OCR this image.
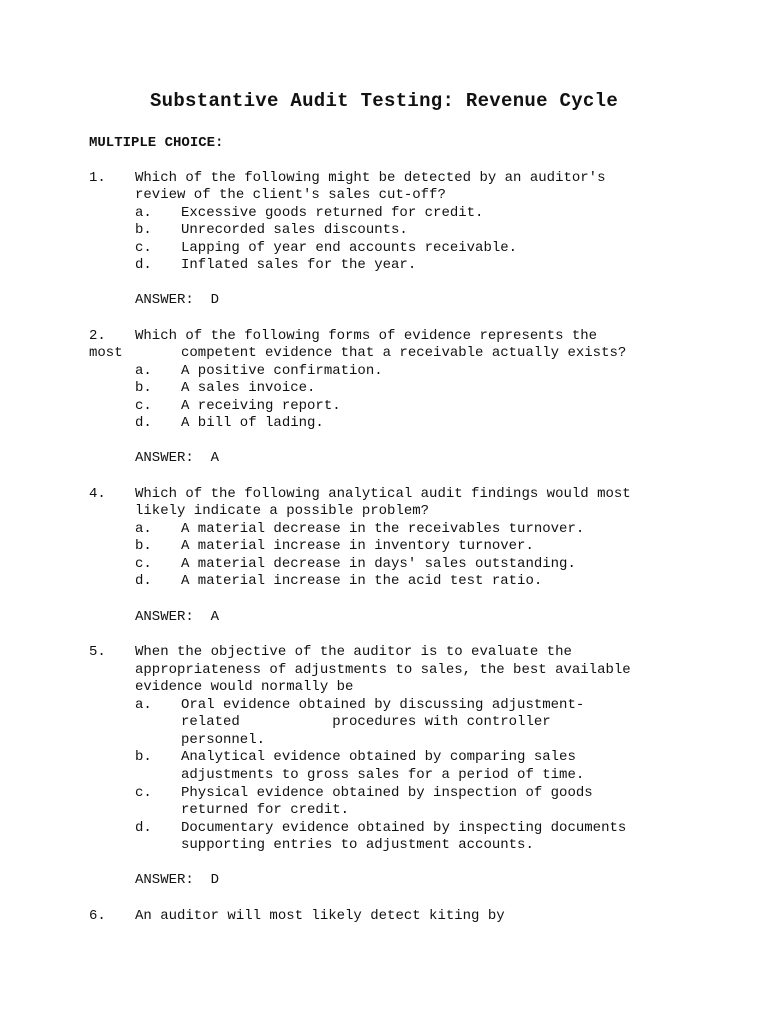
Substantive Audit Testing: Revenue Cycle
MULTIPLE CHOICE:
1. Which of the following might be detected by an auditor's
review of the client's sales cut-off?
a. Excessive goods returned for credit.
b. Unrecorded sales discounts.
c. Lapping of year end accounts receivable.
d. Inflated sales for the year.
ANSWER:  D
2. Which of the following forms of evidence represents the
most	competent evidence that a receivable actually exists?
a. A positive confirmation.
b. A sales invoice.
c. A receiving report.
d. A bill of lading.
ANSWER:  A
4. Which of the following analytical audit findings would most
likely indicate a possible problem?
a. A material decrease in the receivables turnover.
b. A material increase in inventory turnover.
c. A material decrease in days' sales outstanding.
d. A material increase in the acid test ratio.
ANSWER:  A
5. When the objective of the auditor is to evaluate the
appropriateness of adjustments to sales, the best available
evidence would normally be
a. Oral evidence obtained by discussing adjustment-
related           procedures with controller
personnel.
b. Analytical evidence obtained by comparing sales
adjustments to gross sales for a period of time.
c. Physical evidence obtained by inspection of goods
returned for credit.
d. Documentary evidence obtained by inspecting documents
supporting entries to adjustment accounts.
ANSWER:  D
6. An auditor will most likely detect kiting by
